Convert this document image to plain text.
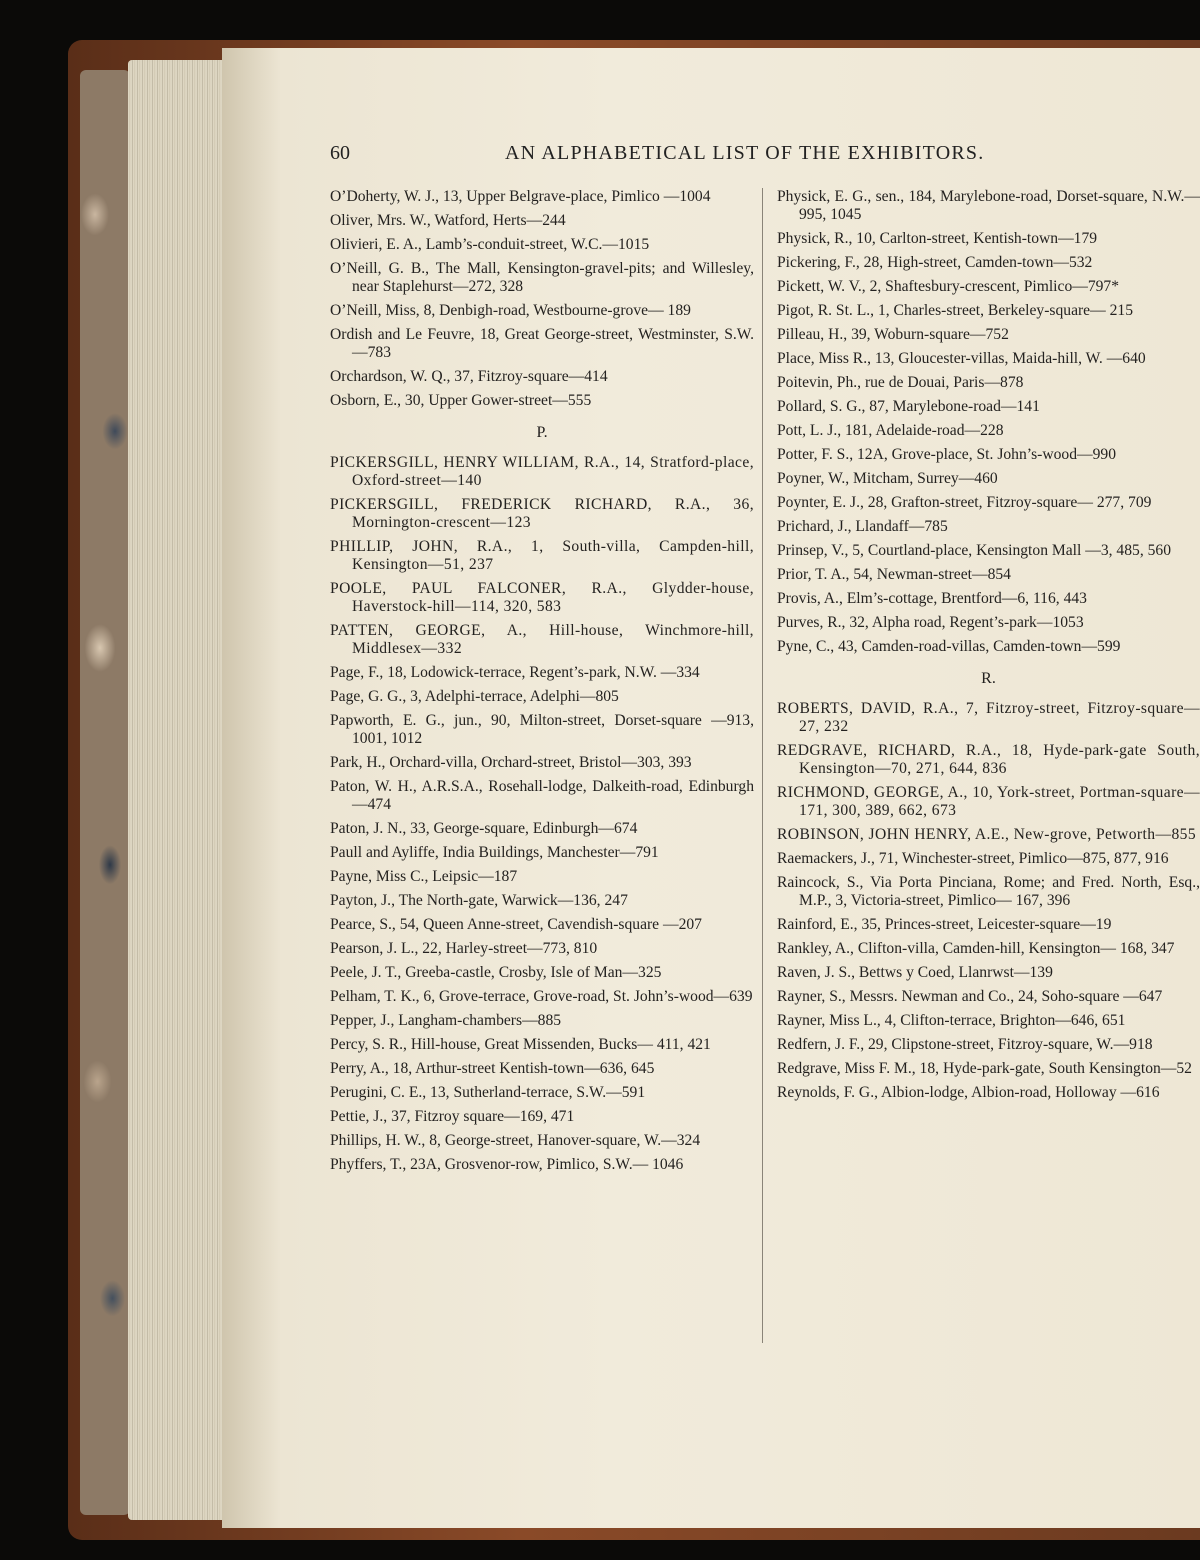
60	AN ALPHABETICAL LIST OF THE EXHIBITORS.
O’Doherty, W. J., 13, Upper Belgrave-place, Pimlico —1004
Oliver, Mrs. W., Watford, Herts—244
Olivieri, E. A., Lamb’s-conduit-street, W.C.—1015
O’Neill, G. B., The Mall, Kensington-gravel-pits; and Willesley, near Staplehurst—272, 328
O’Neill, Miss, 8, Denbigh-road, Westbourne-grove— 189
Ordish and Le Feuvre, 18, Great George-street, Westminster, S.W.—783
Orchardson, W. Q., 37, Fitzroy-square—414
Osborn, E., 30, Upper Gower-street—555
P.
PICKERSGILL, HENRY WILLIAM, R.A., 14, Stratford-place, Oxford-street—140
PICKERSGILL, FREDERICK RICHARD, R.A., 36, Mornington-crescent—123
PHILLIP, JOHN, R.A., 1, South-villa, Campden-hill, Kensington—51, 237
POOLE, PAUL FALCONER, R.A., Glydder-house, Haverstock-hill—114, 320, 583
PATTEN, GEORGE, A., Hill-house, Winchmore-hill, Middlesex—332
Page, F., 18, Lodowick-terrace, Regent’s-park, N.W. —334
Page, G. G., 3, Adelphi-terrace, Adelphi—805
Papworth, E. G., jun., 90, Milton-street, Dorset-square —913, 1001, 1012
Park, H., Orchard-villa, Orchard-street, Bristol—303, 393
Paton, W. H., A.R.S.A., Rosehall-lodge, Dalkeith-road, Edinburgh—474
Paton, J. N., 33, George-square, Edinburgh—674
Paull and Ayliffe, India Buildings, Manchester—791
Payne, Miss C., Leipsic—187
Payton, J., The North-gate, Warwick—136, 247
Pearce, S., 54, Queen Anne-street, Cavendish-square —207
Pearson, J. L., 22, Harley-street—773, 810
Peele, J. T., Greeba-castle, Crosby, Isle of Man—325
Pelham, T. K., 6, Grove-terrace, Grove-road, St. John’s-wood—639
Pepper, J., Langham-chambers—885
Percy, S. R., Hill-house, Great Missenden, Bucks— 411, 421
Perry, A., 18, Arthur-street Kentish-town—636, 645
Perugini, C. E., 13, Sutherland-terrace, S.W.—591
Pettie, J., 37, Fitzroy square—169, 471
Phillips, H. W., 8, George-street, Hanover-square, W.—324
Phyffers, T., 23A, Grosvenor-row, Pimlico, S.W.— 1046
Physick, E. G., sen., 184, Marylebone-road, Dorset-square, N.W.—995, 1045
Physick, R., 10, Carlton-street, Kentish-town—179
Pickering, F., 28, High-street, Camden-town—532
Pickett, W. V., 2, Shaftesbury-crescent, Pimlico—797*
Pigot, R. St. L., 1, Charles-street, Berkeley-square— 215
Pilleau, H., 39, Woburn-square—752
Place, Miss R., 13, Gloucester-villas, Maida-hill, W. —640
Poitevin, Ph., rue de Douai, Paris—878
Pollard, S. G., 87, Marylebone-road—141
Pott, L. J., 181, Adelaide-road—228
Potter, F. S., 12A, Grove-place, St. John’s-wood—990
Poyner, W., Mitcham, Surrey—460
Poynter, E. J., 28, Grafton-street, Fitzroy-square— 277, 709
Prichard, J., Llandaff—785
Prinsep, V., 5, Courtland-place, Kensington Mall —3, 485, 560
Prior, T. A., 54, Newman-street—854
Provis, A., Elm’s-cottage, Brentford—6, 116, 443
Purves, R., 32, Alpha road, Regent’s-park—1053
Pyne, C., 43, Camden-road-villas, Camden-town—599
R.
ROBERTS, DAVID, R.A., 7, Fitzroy-street, Fitzroy-square—27, 232
REDGRAVE, RICHARD, R.A., 18, Hyde-park-gate South, Kensington—70, 271, 644, 836
RICHMOND, GEORGE, A., 10, York-street, Portman-square—171, 300, 389, 662, 673
ROBINSON, JOHN HENRY, A.E., New-grove, Petworth—855
Raemackers, J., 71, Winchester-street, Pimlico—875, 877, 916
Raincock, S., Via Porta Pinciana, Rome; and Fred. North, Esq., M.P., 3, Victoria-street, Pimlico— 167, 396
Rainford, E., 35, Princes-street, Leicester-square—19
Rankley, A., Clifton-villa, Camden-hill, Kensington— 168, 347
Raven, J. S., Bettws y Coed, Llanrwst—139
Rayner, S., Messrs. Newman and Co., 24, Soho-square —647
Rayner, Miss L., 4, Clifton-terrace, Brighton—646, 651
Redfern, J. F., 29, Clipstone-street, Fitzroy-square, W.—918
Redgrave, Miss F. M., 18, Hyde-park-gate, South Kensington—52
Reynolds, F. G., Albion-lodge, Albion-road, Holloway —616
